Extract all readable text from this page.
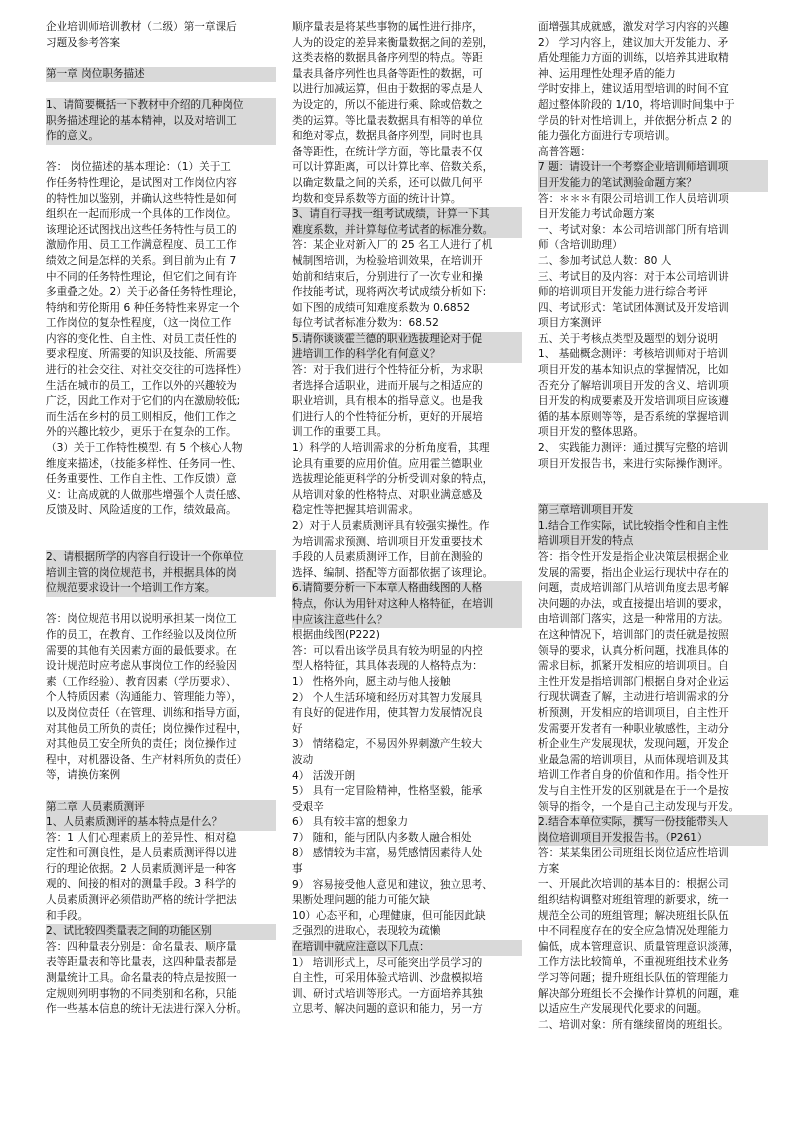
企业培训师培训教材（二级）第一章课后
习题及参考答案

第一章 岗位职务描述

1、请简要概括一下教材中介绍的几种岗位
职务描述理论的基本精神，以及对培训工
作的意义。

答： 岗位描述的基本理论：（1）关于工
作任务特性理论，是试图对工作岗位内容
的特性加以鉴别，并确认这些特性是如何
组织在一起而形成一个具体的工作岗位。
该理论还试图找出这些任务特性与员工的
激励作用、员工工作满意程度、员工工作
绩效之间是怎样的关系。到目前为止有 7
中不同的任务特性理论，但它们之间有许
多重叠之处。2）关于必备任务特性理论，
特纳和劳伦斯用 6 种任务特性来界定一个
工作岗位的复杂性程度，（这一岗位工作
内容的变化性、自主性、对员工责任性的
要求程度、所需要的知识及技能、所需要
进行的社会交往、对社交交往的可选择性）
生活在城市的员工，工作以外的兴趣较为
广泛，因此工作对于它们的内在激励较低;
而生活在乡村的员工则相反，他们工作之
外的兴趣比较少，更乐于在复杂的工作。
（3）关于工作特性模型. 有 5 个核心人物
维度来描述，（技能多样性、任务同一性、
任务重要性、工作自主性、工作反馈）意
义：让高成就的人做那些增强个人责任感、
反馈及时、风险适度的工作，绩效最高。

2、请根据所学的内容自行设计一个你单位
培训主管的岗位规范书，并根据具体的岗
位规范要求设计一个培训工作方案。

答：岗位规范书用以说明承担某一岗位工
作的员工，在教育、工作经验以及岗位所
需要的其他有关因素方面的最低要求。在
设计规范时应考虑从事岗位工作的经验因
素（工作经验）、教育因素（学历要求）、
个人特质因素（沟通能力、管理能力等），
以及岗位责任（在管理、训练和指导方面，
对其他员工所负的责任；岗位操作过程中，
对其他员工安全所负的责任；岗位操作过
程中，对机器设备、生产材料所负的责任）
等，请换仿案例

第二章 人员素质测评

1、人员素质测评的基本特点是什么？

答：1 人们心理素质上的差异性、相对稳
定性和可测良性，是人员素质测评得以进
行的理论依据。2 人员素质测评是一种客
观的、间接的相对的测量手段。3 科学的
人员素质测评必须借助严格的统计学把法
和手段。

2、试比较四类量表之间的功能区别

答：四种量表分别是：命名量表、顺序量
表等距量表和等比量表，这四种量表都是
测量统计工具。命名量表的特点是按照一
定规则列明事物的不同类别和名称，只能
作一些基本信息的统计无法进行深入分析。

顺序量表是将某些事物的属性进行排序，
人为的设定的差异来衡量数据之间的差别，
这类表格的数据具备序列型的特点。等距
量表具备序列性也具备等距性的数据，可
以进行加减运算，但由于数据的零点是人
为设定的，所以不能进行乘、除或倍数之
类的运算。等比量表数据具有相等的单位
和绝对零点，数据具备序列型，同时也具
备等距性，在统计学方面，等比量表不仅
可以计算距离，可以计算比率、倍数关系，
以确定数量之间的关系，还可以做几何平
均数和变异系数等方面的统计计算。

3、请自行寻找一组考试成绩，计算一下其
难度系数，并计算每位考试者的标准分数。

答：某企业对新入厂的 25 名工人进行了机
械制图培训，为检验培训效果，在培训开
始前和结束后，分别进行了一次专业和操
作技能考试，现将两次考试成绩分析如下:
如下图的成绩可知难度系数为 0.6852
每位考试者标准分数为：68.52

5.请你谈谈霍兰德的职业选拔理论对于促
进培训工作的科学化有何意义？

答：对于我们进行个性特征分析，为求职
者选择合适职业，进而开展与之相适应的
职业培训，具有根本的指导意义。也是我
们进行人的个性特征分析，更好的开展培
训工作的重要工具。
1）科学的人培训需求的分析角度看，其理
论具有重要的应用价值。应用霍兰德职业
选拔理论能更科学的分析受训对象的特点，
从培训对象的性格特点、对职业满意感及
稳定性等把握其培训需求。
2）对于人员素质测评具有较强实操性。作
为培训需求预测、培训项目开发重要技术
手段的人员素质测评工作，目前在测验的
选择、编制、搭配等方面都依据了该理论。

6.请简要分析一下本章人格曲线图的人格
特点，你认为用针对这种人格特征，在培训
中应该注意些什么？

根据曲线图(P222)
答：可以看出该学员具有较为明显的内控
型人格特征，其具体表现的人格特点为：
1） 性格外向，愿主动与他人接触
2） 个人生活环境和经历对其智力发展具
有良好的促进作用，使其智力发展情况良
好
3） 情绪稳定，不易因外界刺激产生较大
波动
4） 活泼开朗
5） 具有一定冒险精神，性格坚毅，能承
受艰辛
6） 具有较丰富的想象力
7） 随和，能与团队内多数人融合相处
8） 感情较为丰富，易凭感情因素待人处
事
9） 容易接受他人意见和建议，独立思考、
果断处理问题的能力可能欠缺
10）心态平和，心理健康，但可能因此缺
乏强烈的进取心，表现较为疏懒

在培训中就应注意以下几点：

1） 培训形式上，尽可能突出学员学习的
自主性，可采用体验式培训、沙盘模拟培
训、研讨式培训等形式。一方面培养其独
立思考、解决问题的意识和能力，另一方

面增强其成就感，激发对学习内容的兴趣
2） 学习内容上，建议加大开发能力、矛
盾处理能力方面的训练，以培养其进取精
神、运用理性处理矛盾的能力
学时安排上，建议适用型培训的时间不宜
超过整体阶段的 1/10，将培训时间集中于
学员的针对性培训上，并依据分析点 2 的
能力强化方面进行专项培训。
高普答题：

7 题：请设计一个考察企业培训师培训项
目开发能力的笔试测验命题方案？

答：＊＊＊有限公司培训工作人员培训项
目开发能力考试命题方案
一、考试对象：本公司培训部门所有培训
师（含培训助理）
二、参加考试总人数：80 人
三、考试目的及内容：对于本公司培训讲
师的培训项目开发能力进行综合考评
四、考试形式：笔试团体测试及开发培训
项目方案测评
五、关于考核点类型及题型的划分说明
1、 基础概念测评：考核培训师对于培训
项目开发的基本知识点的掌握情况，比如
否充分了解培训项目开发的含义、培训项
目开发的构成要素及开发培训项目应该遵
循的基本原则等等，是否系统的掌握培训
项目开发的整体思路。
2、 实践能力测评：通过撰写完整的培训
项目开发报告书，来进行实际操作测评。

第三章培训项目开发

1.结合工作实际，试比较指令性和自主性
培训项目开发的特点

答：指令性开发是指企业决策层根据企业
发展的需要，指出企业运行现状中存在的
问题，责成培训部门从培训角度去思考解
决问题的办法，或直接提出培训的要求，
由培训部门落实，这是一种常用的方法。
在这种情况下，培训部门的责任就是按照
领导的要求，认真分析问题，找准具体的
需求目标，抓紧开发相应的培训项目。自
主性开发是指培训部门根据自身对企业运
行现状调查了解，主动进行培训需求的分
析预测，开发相应的培训项目，自主性开
发需要开发者有一种职业敏感性，主动分
析企业生产发展现状，发现问题，开发企
业最急需的培训项目，从而体现培训及其
培训工作者自身的价值和作用。指令性开
发与自主性开发的区别就是在于一个是按
领导的指令，一个是自己主动发现与开发。

2.结合本单位实际，撰写一份技能带头人
岗位培训项目开发报告书。（P261）

答：某某集团公司班组长岗位适应性培训
方案
一、开展此次培训的基本目的：根据公司
组织结构调整对班组管理的新要求，统一
规范全公司的班组管理；解决班组长队伍
中不同程度存在的安全应急情况处理能力
偏低，成本管理意识、质量管理意识淡薄，
工作方法比较简单，不重视班组技术业务
学习等问题；提升班组长队伍的管理能力
解决部分班组长不会操作计算机的问题，难
以适应生产发展现代化要求的问题。
二、培训对象：所有继续留岗的班组长。
